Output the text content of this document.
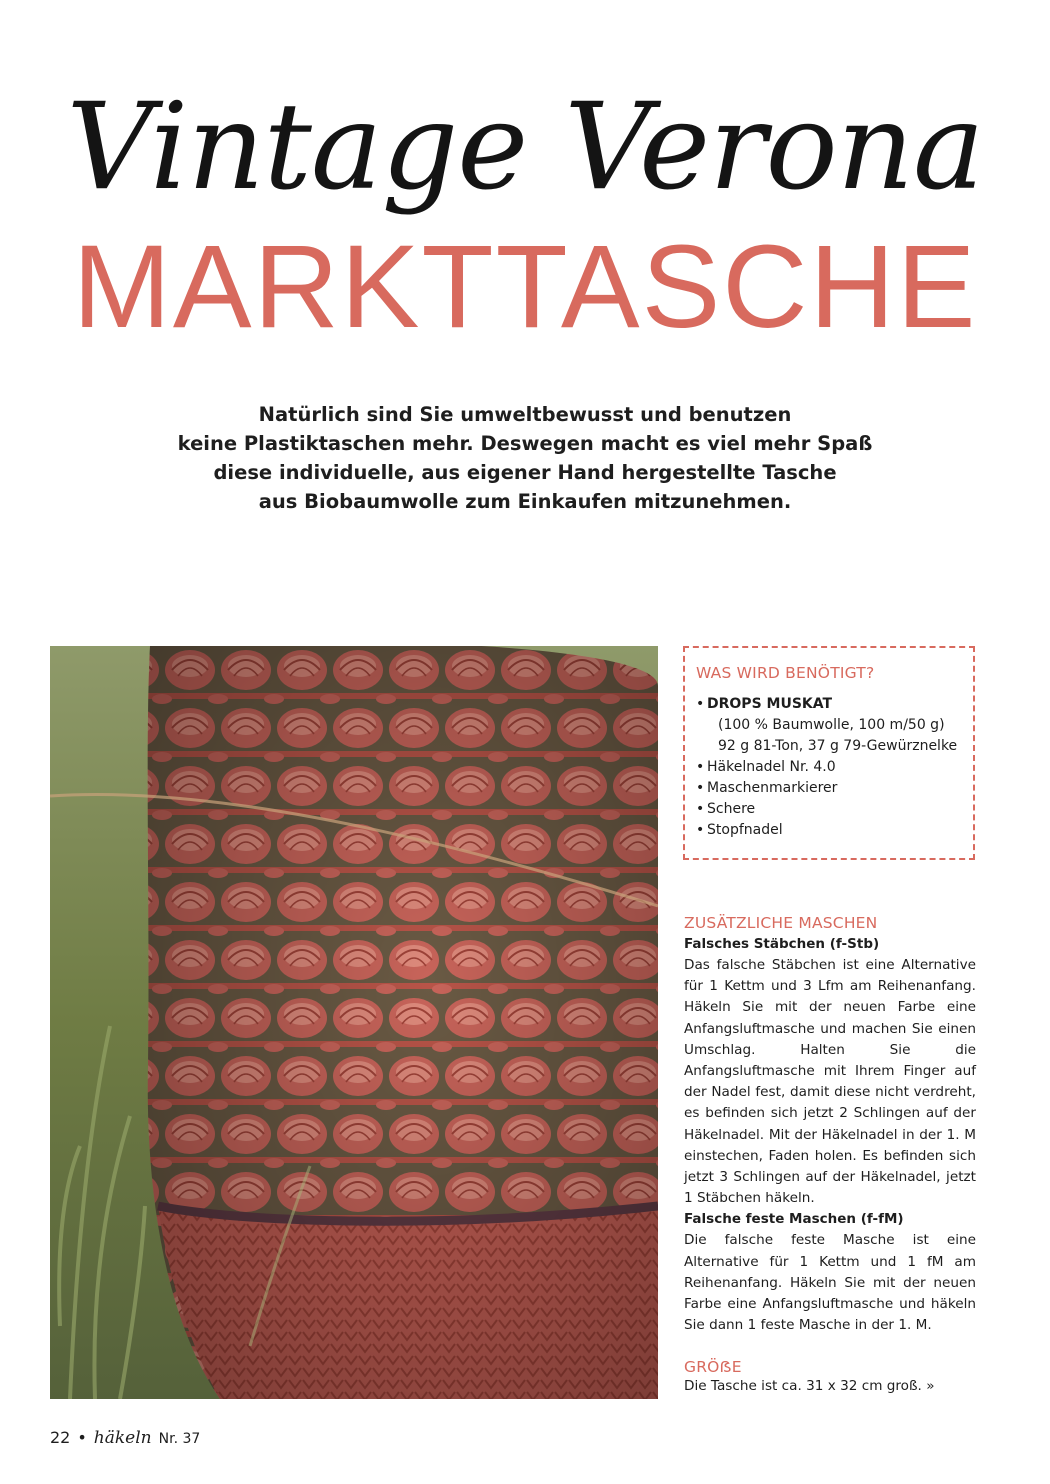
Vintage Verona
MARKTTASCHE
Natürlich sind Sie umweltbewusst und benutzen
keine Plastiktaschen mehr. Deswegen macht es viel mehr Spaß
diese individuelle, aus eigener Hand hergestellte Tasche
aus Biobaumwolle zum Einkaufen mitzunehmen.
WAS WIRD BENÖTIGT?
• DROPS MUSKAT
(100 % Baumwolle, 100 m/50 g)
92 g 81-Ton, 37 g 79-Gewürznelke
• Häkelnadel Nr. 4.0
• Maschenmarkierer
• Schere
• Stopfnadel
ZUSÄTZLICHE MASCHEN
Falsches Stäbchen (f-Stb)

Das falsche Stäbchen ist eine Alternative für 1 Kettm und 3 Lfm am Reihenanfang. Häkeln Sie mit der neuen Farbe eine Anfangsluftmasche und machen Sie einen Umschlag. Halten Sie die Anfangsluftmasche mit Ihrem Finger auf der Nadel fest, damit diese nicht verdreht, es befinden sich jetzt 2 Schlingen auf der Häkelnadel. Mit der Häkelnadel in der 1. M einstechen, Faden holen. Es befinden sich jetzt 3 Schlingen auf der Häkelnadel, jetzt 1 Stäbchen häkeln.

Falsche feste Maschen (f-fM)

Die falsche feste Masche ist eine Alternative für 1 Kettm und 1 fM am Reihenanfang. Häkeln Sie mit der neuen Farbe eine Anfangsluftmasche und häkeln Sie dann 1 feste Masche in der 1. M.

GRÖẞE

Die Tasche ist ca. 31 x 32 cm groß. »

22 • häkeln Nr. 37
